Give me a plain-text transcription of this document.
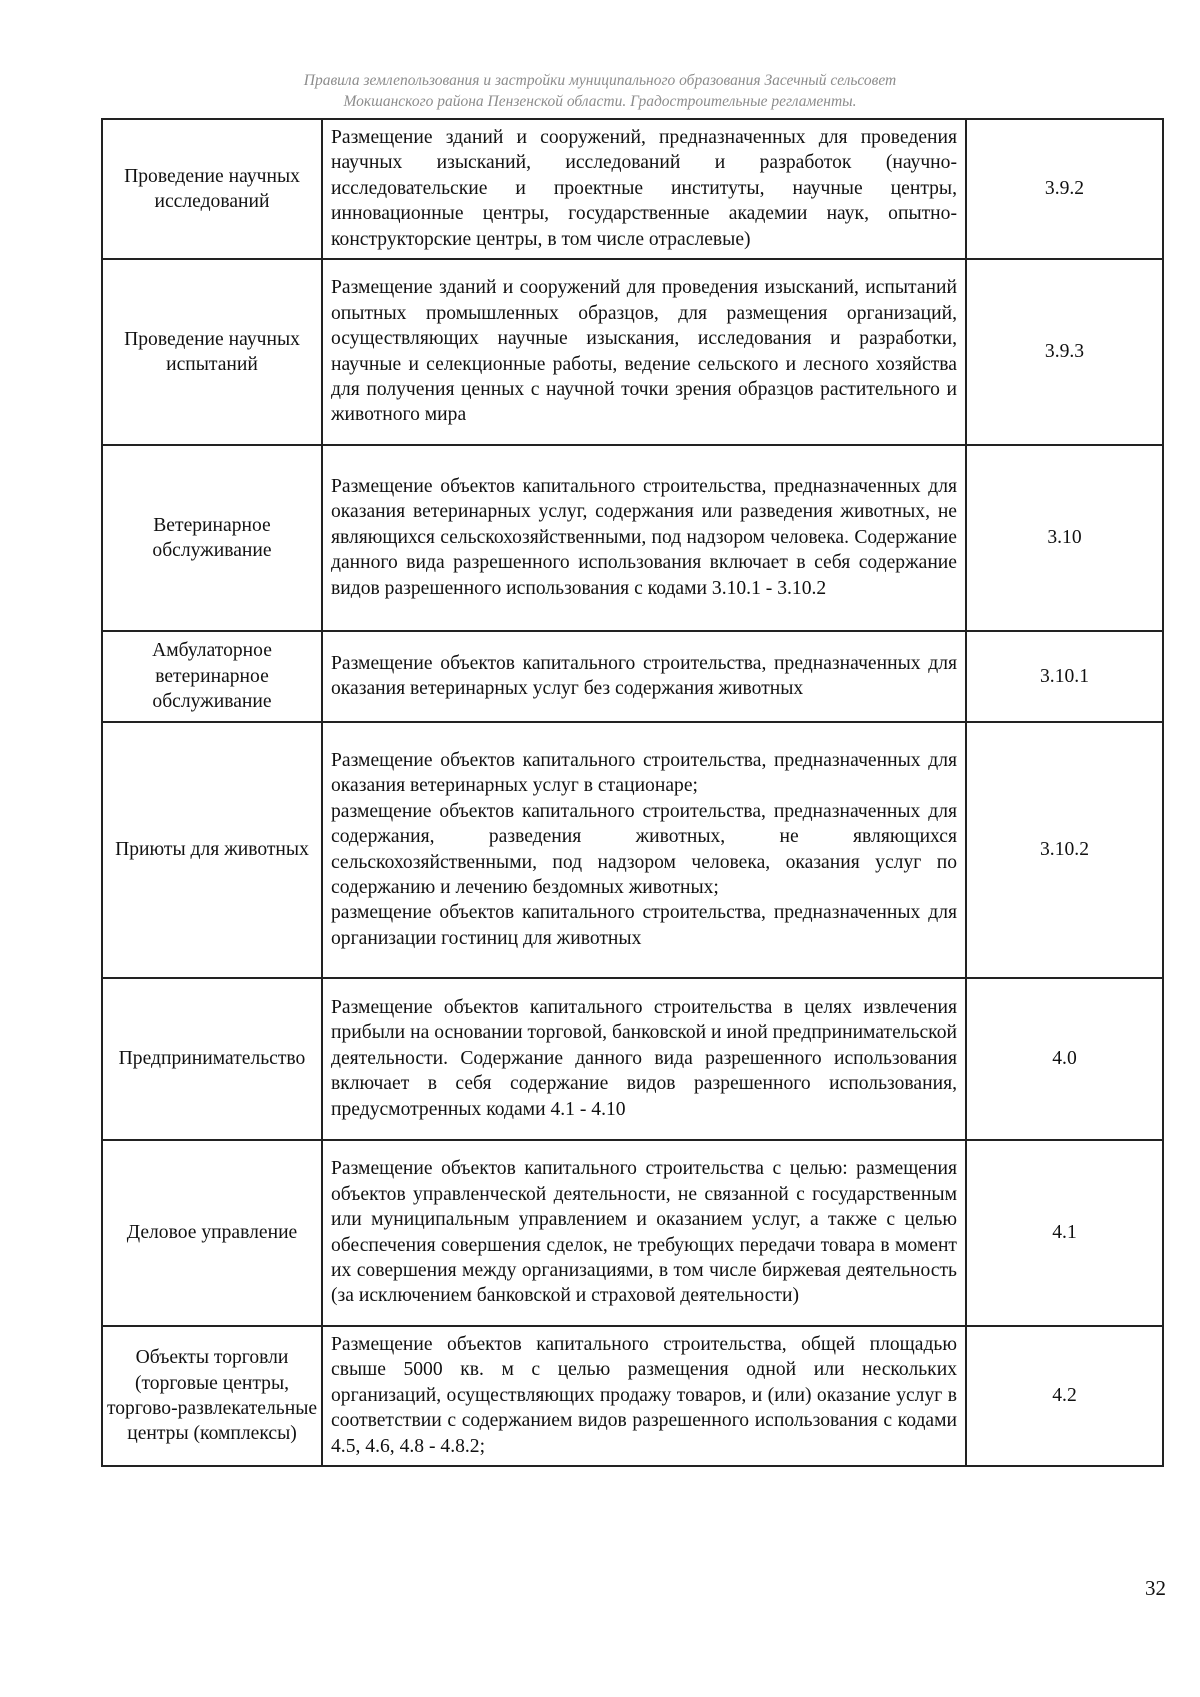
Правила землепользования и застройки муниципального образования Засечный сельсовет
Мокшанского района Пензенской области. Градостроительные регламенты.
Проведение научных исследований	Размещение зданий и сооружений, предназначенных для проведения научных изысканий, исследований и разработок (научно-исследовательские и проектные институты, научные центры, инновационные центры, государственные академии наук, опытно-конструкторские центры, в том числе отраслевые)	3.9.2
Проведение научных испытаний	Размещение зданий и сооружений для проведения изысканий, испытаний опытных промышленных образцов, для размещения организаций, осуществляющих научные изыскания, исследования и разработки, научные и селекционные работы, ведение сельского и лесного хозяйства для получения ценных с научной точки зрения образцов растительного и животного мира	3.9.3
Ветеринарное обслуживание	Размещение объектов капитального строительства, предназначенных для оказания ветеринарных услуг, содержания или разведения животных, не являющихся сельскохозяйственными, под надзором человека. Содержание данного вида разрешенного использования включает в себя содержание видов разрешенного использования с кодами 3.10.1 - 3.10.2	3.10
Амбулаторное ветеринарное обслуживание	Размещение объектов капитального строительства, предназначенных для оказания ветеринарных услуг без содержания животных	3.10.1
Приюты для животных	Размещение объектов капитального строительства, предназначенных для оказания ветеринарных услуг в стационаре;
размещение объектов капитального строительства, предназначенных для содержания, разведения животных, не являющихся сельскохозяйственными, под надзором человека, оказания услуг по содержанию и лечению бездомных животных;
размещение объектов капитального строительства, предназначенных для организации гостиниц для животных	3.10.2
Предпринимательство	Размещение объектов капитального строительства в целях извлечения прибыли на основании торговой, банковской и иной предпринимательской деятельности. Содержание данного вида разрешенного использования включает в себя содержание видов разрешенного использования, предусмотренных кодами 4.1 - 4.10	4.0
Деловое управление	Размещение объектов капитального строительства с целью: размещения объектов управленческой деятельности, не связанной с государственным или муниципальным управлением и оказанием услуг, а также с целью обеспечения совершения сделок, не требующих передачи товара в момент их совершения между организациями, в том числе биржевая деятельность (за исключением банковской и страховой деятельности)	4.1
Объекты торговли (торговые центры, торгово-развлекательные центры (комплексы)	Размещение объектов капитального строительства, общей площадью свыше 5000 кв. м с целью размещения одной или нескольких организаций, осуществляющих продажу товаров, и (или) оказание услуг в соответствии с содержанием видов разрешенного использования с кодами 4.5, 4.6, 4.8 - 4.8.2;	4.2
32
